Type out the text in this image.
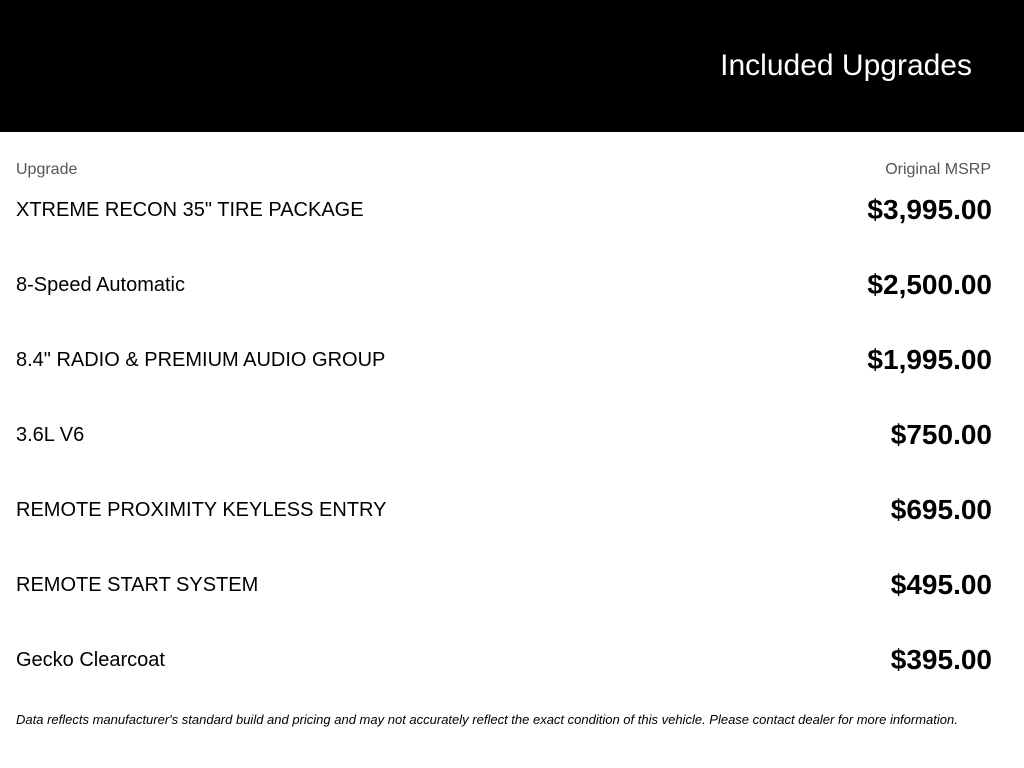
Included Upgrades
Upgrade	Original MSRP
XTREME RECON 35" TIRE PACKAGE	$3,995.00
8-Speed Automatic	$2,500.00
8.4" RADIO & PREMIUM AUDIO GROUP	$1,995.00
3.6L V6	$750.00
REMOTE PROXIMITY KEYLESS ENTRY	$695.00
REMOTE START SYSTEM	$495.00
Gecko Clearcoat	$395.00
Data reflects manufacturer's standard build and pricing and may not accurately reflect the exact condition of this vehicle. Please contact dealer for more information.
